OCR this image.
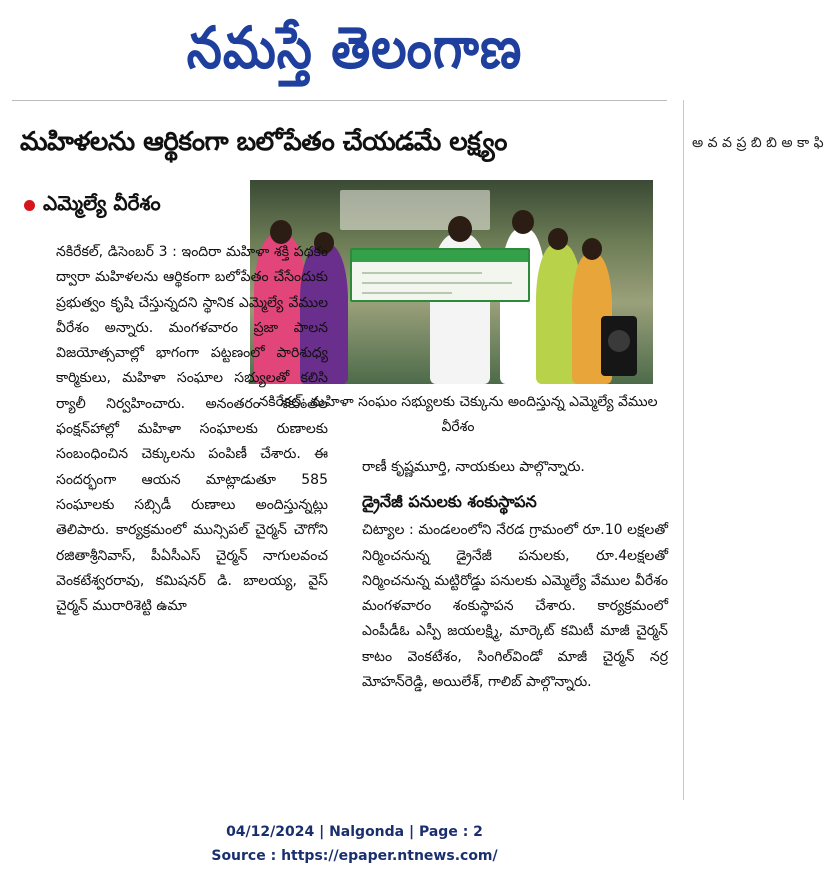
నమస్తే తెలంగాణ
మహిళలను ఆర్థికంగా బలోపేతం చేయడమే లక్ష్యం
ఎమ్మెల్యే వీరేశం
నకిరేకల్: మహిళా సంఘం సభ్యులకు చెక్కును అందిస్తున్న ఎమ్మెల్యే వేముల వీరేశం

నకిరేకల్, డిసెంబర్ 3 : ఇందిరా మహిళా శక్తి పథకం ద్వారా మహిళలను ఆర్థికంగా బలోపేతం చేసేందుకు ప్రభుత్వం కృషి చేస్తున్నదని స్థానిక ఎమ్మెల్యే వేముల వీరేశం అన్నారు. మంగళవారం ప్రజా పాలన విజయోత్సవాల్లో భాగంగా పట్టణంలో పారిశుధ్య కార్మికులు, మహిళా సంఘాల సభ్యులతో కలిసి ర్యాలీ నిర్వహించారు. అనంతరం శకుంతల ఫంక్షన్‌హాల్లో మహిళా సంఘాలకు రుణాలకు సంబంధించిన చెక్కులను పంపిణీ చేశారు. ఈ సందర్భంగా ఆయన మాట్లాడుతూ 585 సంఘాలకు సబ్సిడీ రుణాలు అందిస్తున్నట్లు తెలిపారు. కార్యక్రమంలో మున్సిపల్ చైర్మన్ చౌగోని రజితాశ్రీనివాస్, పీఏసీఎస్ చైర్మన్ నాగులవంచ వెంకటేశ్వరరావు, కమిషనర్ డి. బాలయ్య, వైస్ చైర్మన్ మురారిశెట్టి ఉమా

రాణీ కృష్ణమూర్తి, నాయకులు పాల్గొన్నారు.

డ్రైనేజీ పనులకు శంకుస్థాపన

చిట్యాల : మండలంలోని నేరడ గ్రామంలో రూ.10 లక్షలతో నిర్మించనున్న డ్రైనేజీ పనులకు, రూ.4లక్షలతో నిర్మించనున్న మట్టిరోడ్డు పనులకు ఎమ్మెల్యే వేముల వీరేశం మంగళవారం శంకుస్థాపన చేశారు. కార్యక్రమంలో ఎంపీడీఓ ఎస్పీ జయలక్ష్మి, మార్కెట్ కమిటీ మాజీ చైర్మన్ కాటం వెంకటేశం, సింగిల్‌విండో మాజీ చైర్మన్ నర్ర మోహన్‌రెడ్డి, అయిలేశ్, గాలిబ్ పాల్గొన్నారు.

అ వ వ ప్ర బి బి అ కా ఫి
04/12/2024 | Nalgonda | Page : 2
Source : https://epaper.ntnews.com/
